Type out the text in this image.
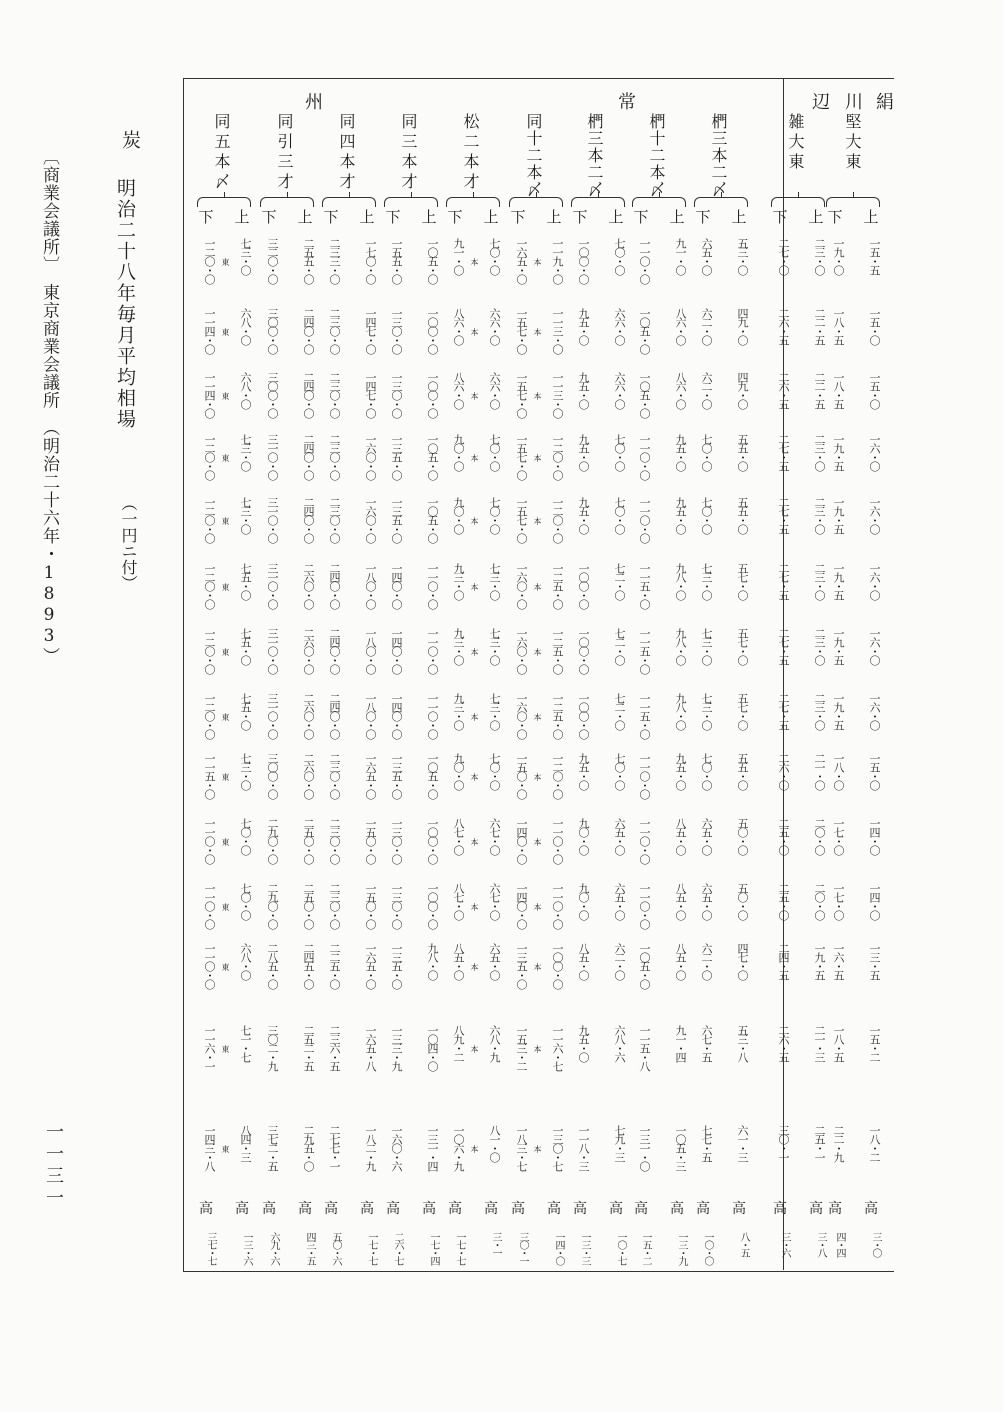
〔商業会議所〕　東京商業会議所　（明治二十六年・1893）
炭
明治二十八年毎月平均相場
（一円ニ付）
一一三一
絹
川
辺
常
州
堅大東
雑大東
椚三本二〆
椚十二本〆
椚三本二〆
同十二本〆
松二本才
同三本才
同四本才
同引三才
同五本〆
上
下
一五・五
一五・〇
一五・〇
一六・〇
一六・〇
一六・〇
一六・〇
一六・〇
一五・〇
一四・〇
一四・〇
一三・五
一五・二
一八・二
一九・〇
一八・五
一八・五
一九・五
一九・五
一九・五
一九・五
一九・五
一八・〇
一七・〇
一七・〇
一六・五
一八・五
二二・九
高
高
三・〇
四・四
上
下
二三・〇
二二・五
二二・五
二三・〇
二三・〇
二三・〇
二三・〇
二三・〇
二一・〇
二〇・〇
二〇・〇
一九・五
二一・三
二五・一
二七・〇
二六・五
二六・五
二七・五
二七・五
二七・五
二七・五
二七・五
二六・〇
二五・〇
二五・〇
二四・五
二六・五
三〇・一
高
高
三・八
三・六
上
下
五三・〇
四九・〇
四九・〇
五五・〇
五五・〇
五七・〇
五七・〇
五七・〇
五五・〇
五〇・〇
五〇・〇
四七・〇
五三・八
六一・三
六五・〇
六二・〇
六二・〇
七〇・〇
七〇・〇
七三・〇
七三・〇
七三・〇
七〇・〇
六五・〇
六五・〇
六二・〇
六七・五
七七・五
高
高
八・五
一〇・〇
上
下
九一・〇
八六・〇
八六・〇
九五・〇
九五・〇
九八・〇
九八・〇
九八・〇
九五・〇
八五・〇
八五・〇
八五・〇
九一・四
一〇五・三
一一〇・〇
一〇五・〇
一〇五・〇
一一〇・〇
一一〇・〇
一一五・〇
一一五・〇
一一五・〇
一一〇・〇
一一〇・〇
一一〇・〇
一〇五・〇
一一五・八
一三一・〇
高
高
一三・九
一五・二
上
下
七〇・〇
六六・〇
六六・〇
七〇・〇
七〇・〇
七二・〇
七二・〇
七二・〇
七〇・〇
六五・〇
六五・〇
六二・〇
六八・六
七九・三
一〇〇・〇
九五・〇
九五・〇
九五・〇
九五・〇
一〇〇・〇
一〇〇・〇
一〇〇・〇
九五・〇
九〇・〇
九〇・〇
八五・〇
九五・〇
一一八・三
高
高
一〇・七
一三・三
上
下
一一九・〇
一一三・〇
一一三・〇
一二〇・〇
一二〇・〇
一二五・〇
一二五・〇
一二五・〇
一二〇・〇
一一〇・〇
一一〇・〇
一〇〇・〇
一一六・七
一三〇・七
一六五・〇 本
一五七・〇 本
一五七・〇 本
一五七・〇 本
一五七・〇 本
一六〇・〇 本
一六〇・〇 本
一六〇・〇 本
一五〇・〇 本
一四〇・〇 本
一四〇・〇 本
一三五・〇 本
一五三・二 本
一八三・七 本
高
高
一四・〇
三〇・一
上
下
七〇・〇
六六・〇
六六・〇
七〇・〇
七〇・〇
七三・〇
七三・〇
七三・〇
七〇・〇
六七・〇
六七・〇
六五・〇
六八・九
八一・〇
九一・〇 本
八六・〇 本
八六・〇 本
九〇・〇 本
九〇・〇 本
九三・〇 本
九三・〇 本
九三・〇 本
九〇・〇 本
八七・〇 本
八七・〇 本
八五・〇 本
八九・二 本
一〇六・九 本
高
高
三・一
一七・七
上
下
一〇五・〇
一〇〇・〇
一〇〇・〇
一〇五・〇
一〇五・〇
一一〇・〇
一一〇・〇
一一〇・〇
一〇五・〇
一〇〇・〇
一〇〇・〇
九八・〇
一〇四・〇
一三一・四
一五五・〇
一三〇・〇
一三〇・〇
一三五・〇
一三五・〇
一四〇・〇
一四〇・〇
一四〇・〇
一三五・〇
一三〇・〇
一三〇・〇
一三五・〇
一三三・九
一六〇・六
高
高
一七・四
二六・七
上
下
一七〇・〇
一四七・〇
一四七・〇
一六〇・〇
一六〇・〇
一八〇・〇
一八〇・〇
一八〇・〇
一六五・〇
一五〇・〇
一五〇・〇
一六五・〇
一六五・八
一八二・九
二三三・〇
二三〇・〇
二三〇・〇
二三〇・〇
二三〇・〇
二四〇・〇
二四〇・〇
二四〇・〇
二三〇・〇
二三〇・〇
二三〇・〇
二二五・〇
二三六・五
二七七・一
高
高
一七・七
五〇・六
上
下
二五五・〇
二四〇・〇
二四〇・〇
二四〇・〇
二四〇・〇
二六〇・〇
二六〇・〇
二六〇・〇
二六〇・〇
二五〇・〇
二五〇・〇
二四五・〇
二五二・五
二九五・〇
三二〇・〇
三〇〇・〇
三〇〇・〇
三一〇・〇
三一〇・〇
三一〇・〇
三一〇・〇
三一〇・〇
三〇〇・〇
二九〇・〇
二九〇・〇
二八五・〇
三〇二・九
三七二・五
高
高
四三・五
六九・六
上
下
七三・〇
六八・〇
六八・〇
七三・〇
七三・〇
七五・〇
七五・〇
七五・〇
七三・〇
七〇・〇
七〇・〇
六八・〇
七一・七
八四・三
一二〇・〇 東
一一四・〇 東
一一四・〇 東
一二〇・〇 東
一二〇・〇 東
一二〇・〇 東
一二〇・〇 東
一二〇・〇 東
一一五・〇 東
一一〇・〇 東
一一〇・〇 東
一一〇・〇 東
一一六・一 東
一四三・八 東
高
高
一三・六
三七・七
